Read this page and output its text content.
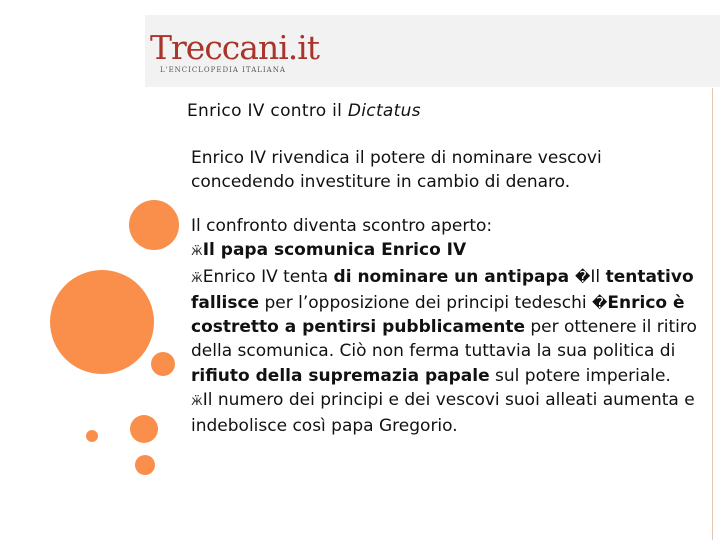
Treccani.it
L'ENCICLOPEDIA ITALIANA
Enrico IV contro il Dictatus

Enrico IV rivendica il potere di nominare vescovi concedendo investiture in cambio di denaro.

Il confronto diventa scontro aperto:
ӝIl papa scomunica Enrico IV
ӝEnrico IV tenta di nominare un antipapa �Il tentativo fallisce per l’opposizione dei principi tedeschi �Enrico è costretto a pentirsi pubblicamente per ottenere il ritiro della scomunica. Ciò non ferma tuttavia la sua politica di rifiuto della supremazia papale sul potere imperiale.
ӝIl numero dei principi e dei vescovi suoi alleati aumenta e indebolisce così papa Gregorio.
